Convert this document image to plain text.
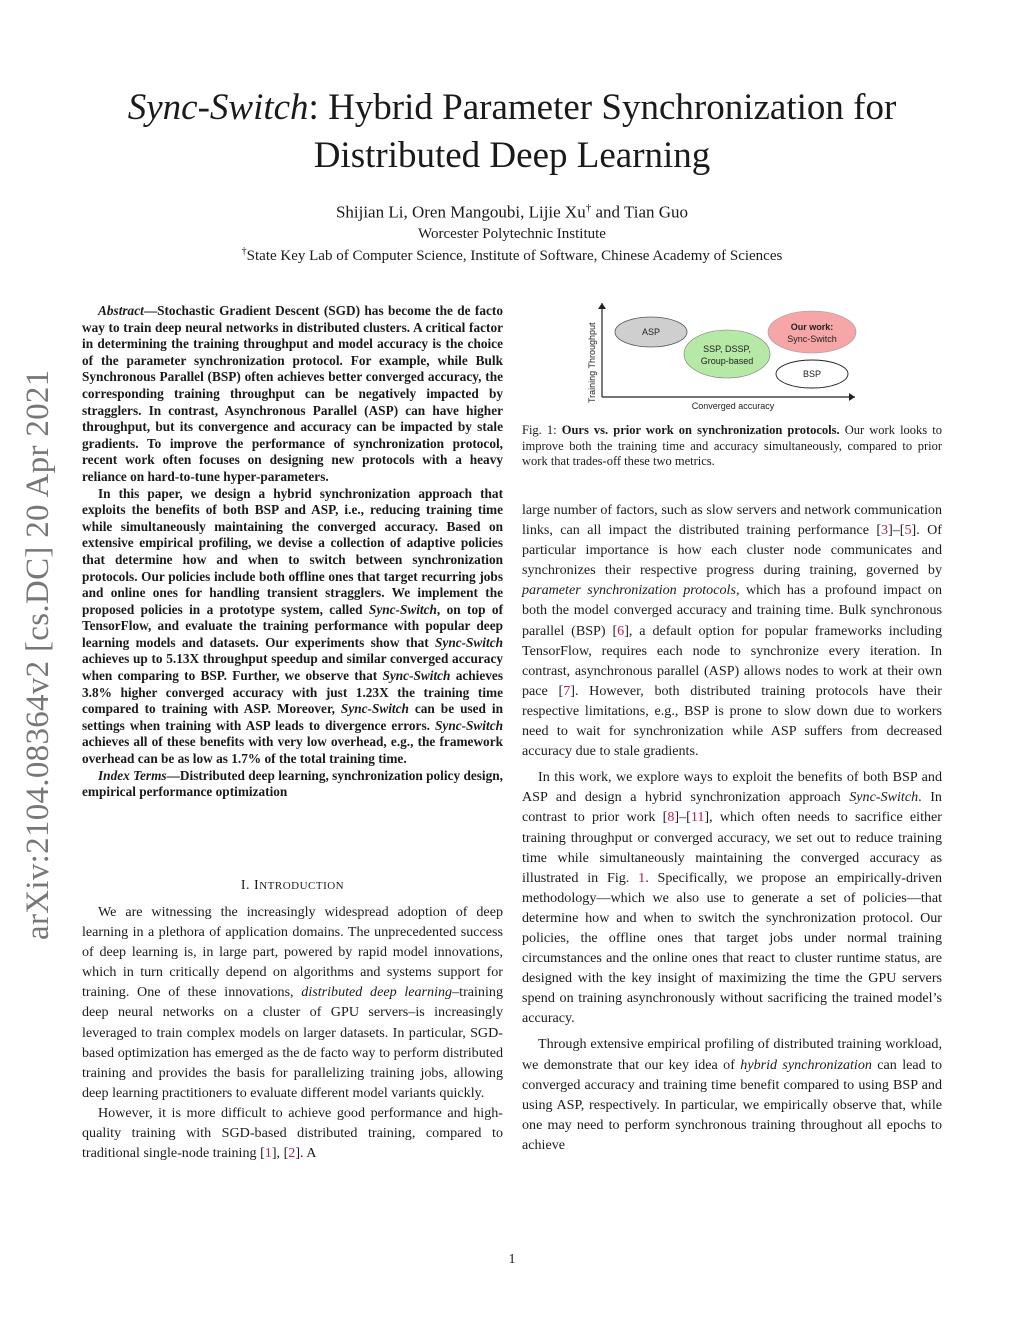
Sync-Switch: Hybrid Parameter Synchronization for
Distributed Deep Learning
Shijian Li, Oren Mangoubi, Lijie Xu† and Tian Guo
Worcester Polytechnic Institute
†State Key Lab of Computer Science, Institute of Software, Chinese Academy of Sciences
arXiv:2104.08364v2 [cs.DC] 20 Apr 2021

Abstract—Stochastic Gradient Descent (SGD) has become the de facto way to train deep neural networks in distributed clusters. A critical factor in determining the training throughput and model accuracy is the choice of the parameter synchronization protocol. For example, while Bulk Synchronous Parallel (BSP) often achieves better converged accuracy, the corresponding training throughput can be negatively impacted by stragglers. In contrast, Asynchronous Parallel (ASP) can have higher throughput, but its convergence and accuracy can be impacted by stale gradients. To improve the performance of synchronization protocol, recent work often focuses on designing new protocols with a heavy reliance on hard-to-tune hyper-parameters.

In this paper, we design a hybrid synchronization approach that exploits the benefits of both BSP and ASP, i.e., reducing training time while simultaneously maintaining the converged accuracy. Based on extensive empirical profiling, we devise a collection of adaptive policies that determine how and when to switch between synchronization protocols. Our policies include both offline ones that target recurring jobs and online ones for handling transient stragglers. We implement the proposed policies in a prototype system, called Sync-Switch, on top of TensorFlow, and evaluate the training performance with popular deep learning models and datasets. Our experiments show that Sync-Switch achieves up to 5.13X throughput speedup and similar converged accuracy when comparing to BSP. Further, we observe that Sync-Switch achieves 3.8% higher converged accuracy with just 1.23X the training time compared to training with ASP. Moreover, Sync-Switch can be used in settings when training with ASP leads to divergence errors. Sync-Switch achieves all of these benefits with very low overhead, e.g., the framework overhead can be as low as 1.7% of the total training time.

Index Terms—Distributed deep learning, synchronization policy design, empirical performance optimization

I. INTRODUCTION

We are witnessing the increasingly widespread adoption of deep learning in a plethora of application domains. The unprecedented success of deep learning is, in large part, powered by rapid model innovations, which in turn critically depend on algorithms and systems support for training. One of these innovations, distributed deep learning–training deep neural networks on a cluster of GPU servers–is increasingly leveraged to train complex models on larger datasets. In particular, SGD-based optimization has emerged as the de facto way to perform distributed training and provides the basis for parallelizing training jobs, allowing deep learning practitioners to evaluate different model variants quickly.

However, it is more difficult to achieve good performance and high-quality training with SGD-based distributed training, compared to traditional single-node training [1], [2]. A

Training Throughput
Converged accuracy
ASP
SSP, DSSP,
Group-based
Our work:
Sync-Switch
BSP
Fig. 1: Ours vs. prior work on synchronization protocols. Our work looks to improve both the training time and accuracy simultaneously, compared to prior work that trades-off these two metrics.

large number of factors, such as slow servers and network communication links, can all impact the distributed training performance [3]–[5]. Of particular importance is how each cluster node communicates and synchronizes their respective progress during training, governed by parameter synchronization protocols, which has a profound impact on both the model converged accuracy and training time. Bulk synchronous parallel (BSP) [6], a default option for popular frameworks including TensorFlow, requires each node to synchronize every iteration. In contrast, asynchronous parallel (ASP) allows nodes to work at their own pace [7]. However, both distributed training protocols have their respective limitations, e.g., BSP is prone to slow down due to workers need to wait for synchronization while ASP suffers from decreased accuracy due to stale gradients.

In this work, we explore ways to exploit the benefits of both BSP and ASP and design a hybrid synchronization approach Sync-Switch. In contrast to prior work [8]–[11], which often needs to sacrifice either training throughput or converged accuracy, we set out to reduce training time while simultaneously maintaining the converged accuracy as illustrated in Fig. 1. Specifically, we propose an empirically-driven methodology—which we also use to generate a set of policies—that determine how and when to switch the synchronization protocol. Our policies, the offline ones that target jobs under normal training circumstances and the online ones that react to cluster runtime status, are designed with the key insight of maximizing the time the GPU servers spend on training asynchronously without sacrificing the trained model’s accuracy.

Through extensive empirical profiling of distributed training workload, we demonstrate that our key idea of hybrid synchronization can lead to converged accuracy and training time benefit compared to using BSP and using ASP, respectively. In particular, we empirically observe that, while one may need to perform synchronous training throughout all epochs to achieve

1
